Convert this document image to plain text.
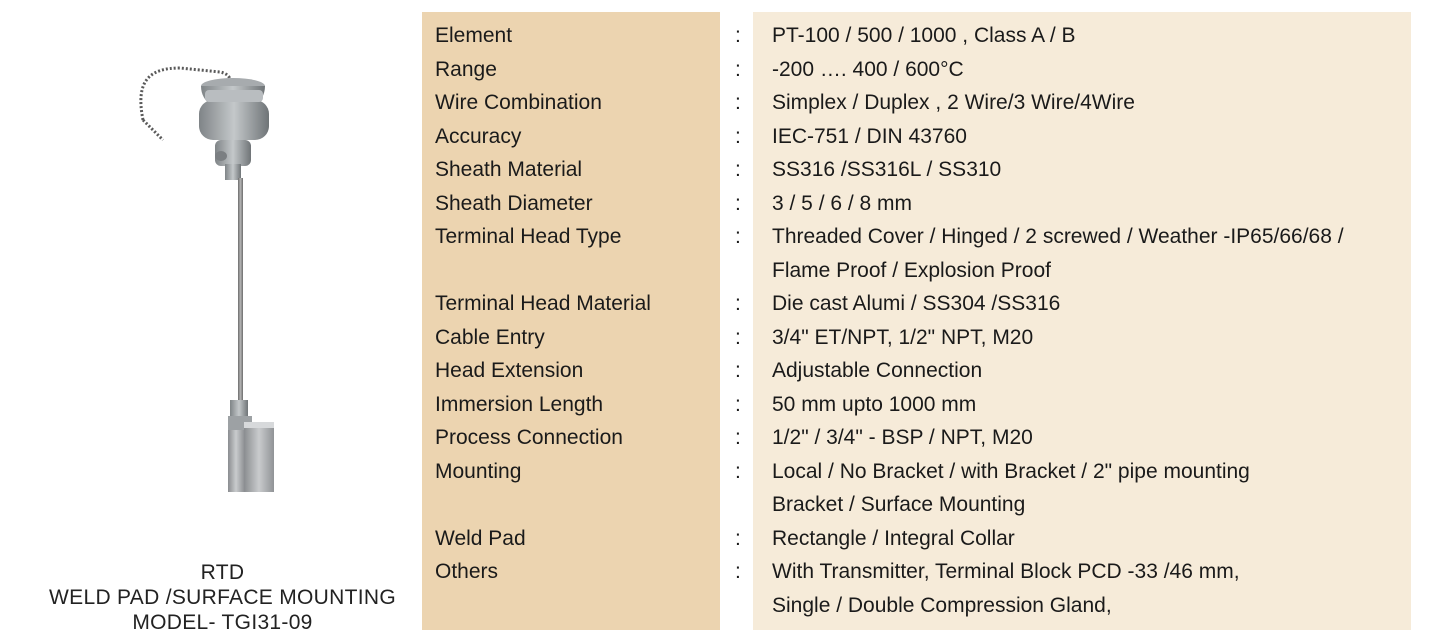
RTD
WELD PAD /SURFACE MOUNTING
MODEL- TGI31-09
Element	: PT-100 / 500 / 1000 , Class A / B
Range	: -200 …. 400 / 600°C
Wire Combination	: Simplex / Duplex , 2 Wire/3 Wire/4Wire
Accuracy	: IEC-751 / DIN 43760
Sheath Material	: SS316 /SS316L / SS310
Sheath Diameter	: 3 / 5 / 6 / 8 mm
Terminal Head Type	: Threaded Cover / Hinged / 2 screwed / Weather -IP65/66/68 /
Flame Proof / Explosion Proof
Terminal Head Material	: Die cast Alumi / SS304 /SS316
Cable Entry	: 3/4" ET/NPT, 1/2" NPT, M20
Head Extension	: Adjustable Connection
Immersion Length	: 50 mm upto 1000 mm
Process Connection	: 1/2" / 3/4" - BSP / NPT, M20
Mounting	: Local / No Bracket / with Bracket / 2" pipe mounting
Bracket / Surface Mounting
Weld Pad	: Rectangle / Integral Collar
Others	: With Transmitter, Terminal Block PCD -33 /46 mm,
Single / Double Compression Gland,
